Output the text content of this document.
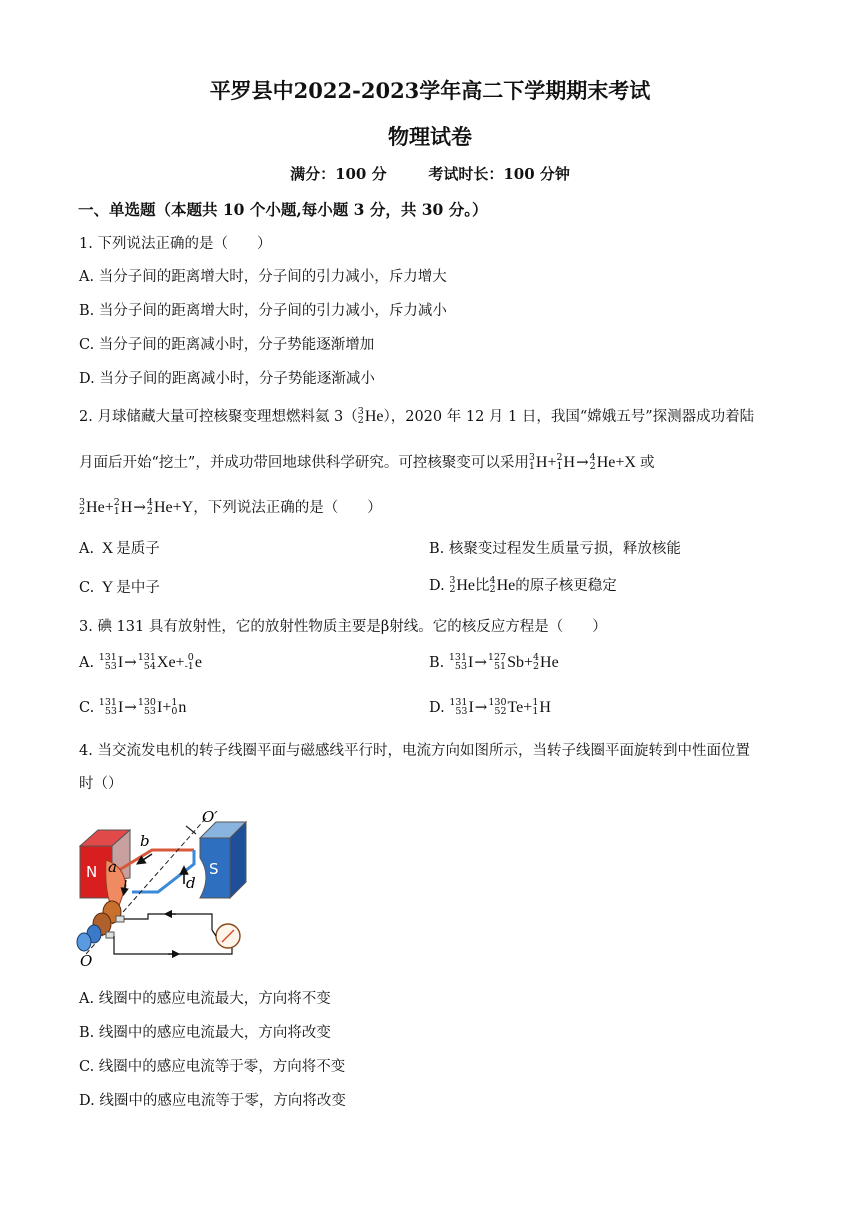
平罗县中2022-2023学年高二下学期期末考试
物理试卷
满分：100 分        考试时长：100 分钟
一、单选题（本题共 10 个小题,每小题 3 分，共 30 分。）
1. 下列说法正确的是（　　）
A. 当分子间的距离增大时，分子间的引力减小，斥力增大
B. 当分子间的距离增大时，分子间的引力减小，斥力减小
C. 当分子间的距离减小时，分子势能逐渐增加
D. 当分子间的距离减小时，分子势能逐渐减小
2. 月球储藏大量可控核聚变理想燃料氦 3（ 3
2 He），2020 年 12 月 1 日，我国“嫦娥五号”探测器成功着陆
月面后开始“挖土”，并成功带回地球供科学研究。可控核聚变可以采用 3
1 H+ 2
1 H→ 4
2 He+X 或
3
2 He+ 2
1 H→ 4
2 He+Y，下列说法正确的是（　　）
A. X 是质子	B. 核聚变过程发生质量亏损，释放核能
C. Y 是中子	D. 3
2 He比 4
2 He的原子核更稳定
3. 碘 131 具有放射性，它的放射性物质主要是β射线。它的核反应方程是（　　）
A. 131
53 I→ 131
54 Xe+ 0
-1 e	B. 131
53 I→ 127
51 Sb+ 4
2 He
C. 131
53 I→ 130
53 I+ 1
0 n	D. 131
53 I→ 130
52 Te+ 1
1 H
4. 当交流发电机的转子线圈平面与磁感线平行时，电流方向如图所示，当转子线圈平面旋转到中性面位置
时（）
N	S
b
a
d
O′
O
A. 线圈中的感应电流最大，方向将不变
B. 线圈中的感应电流最大，方向将改变
C. 线圈中的感应电流等于零，方向将不变
D. 线圈中的感应电流等于零，方向将改变
